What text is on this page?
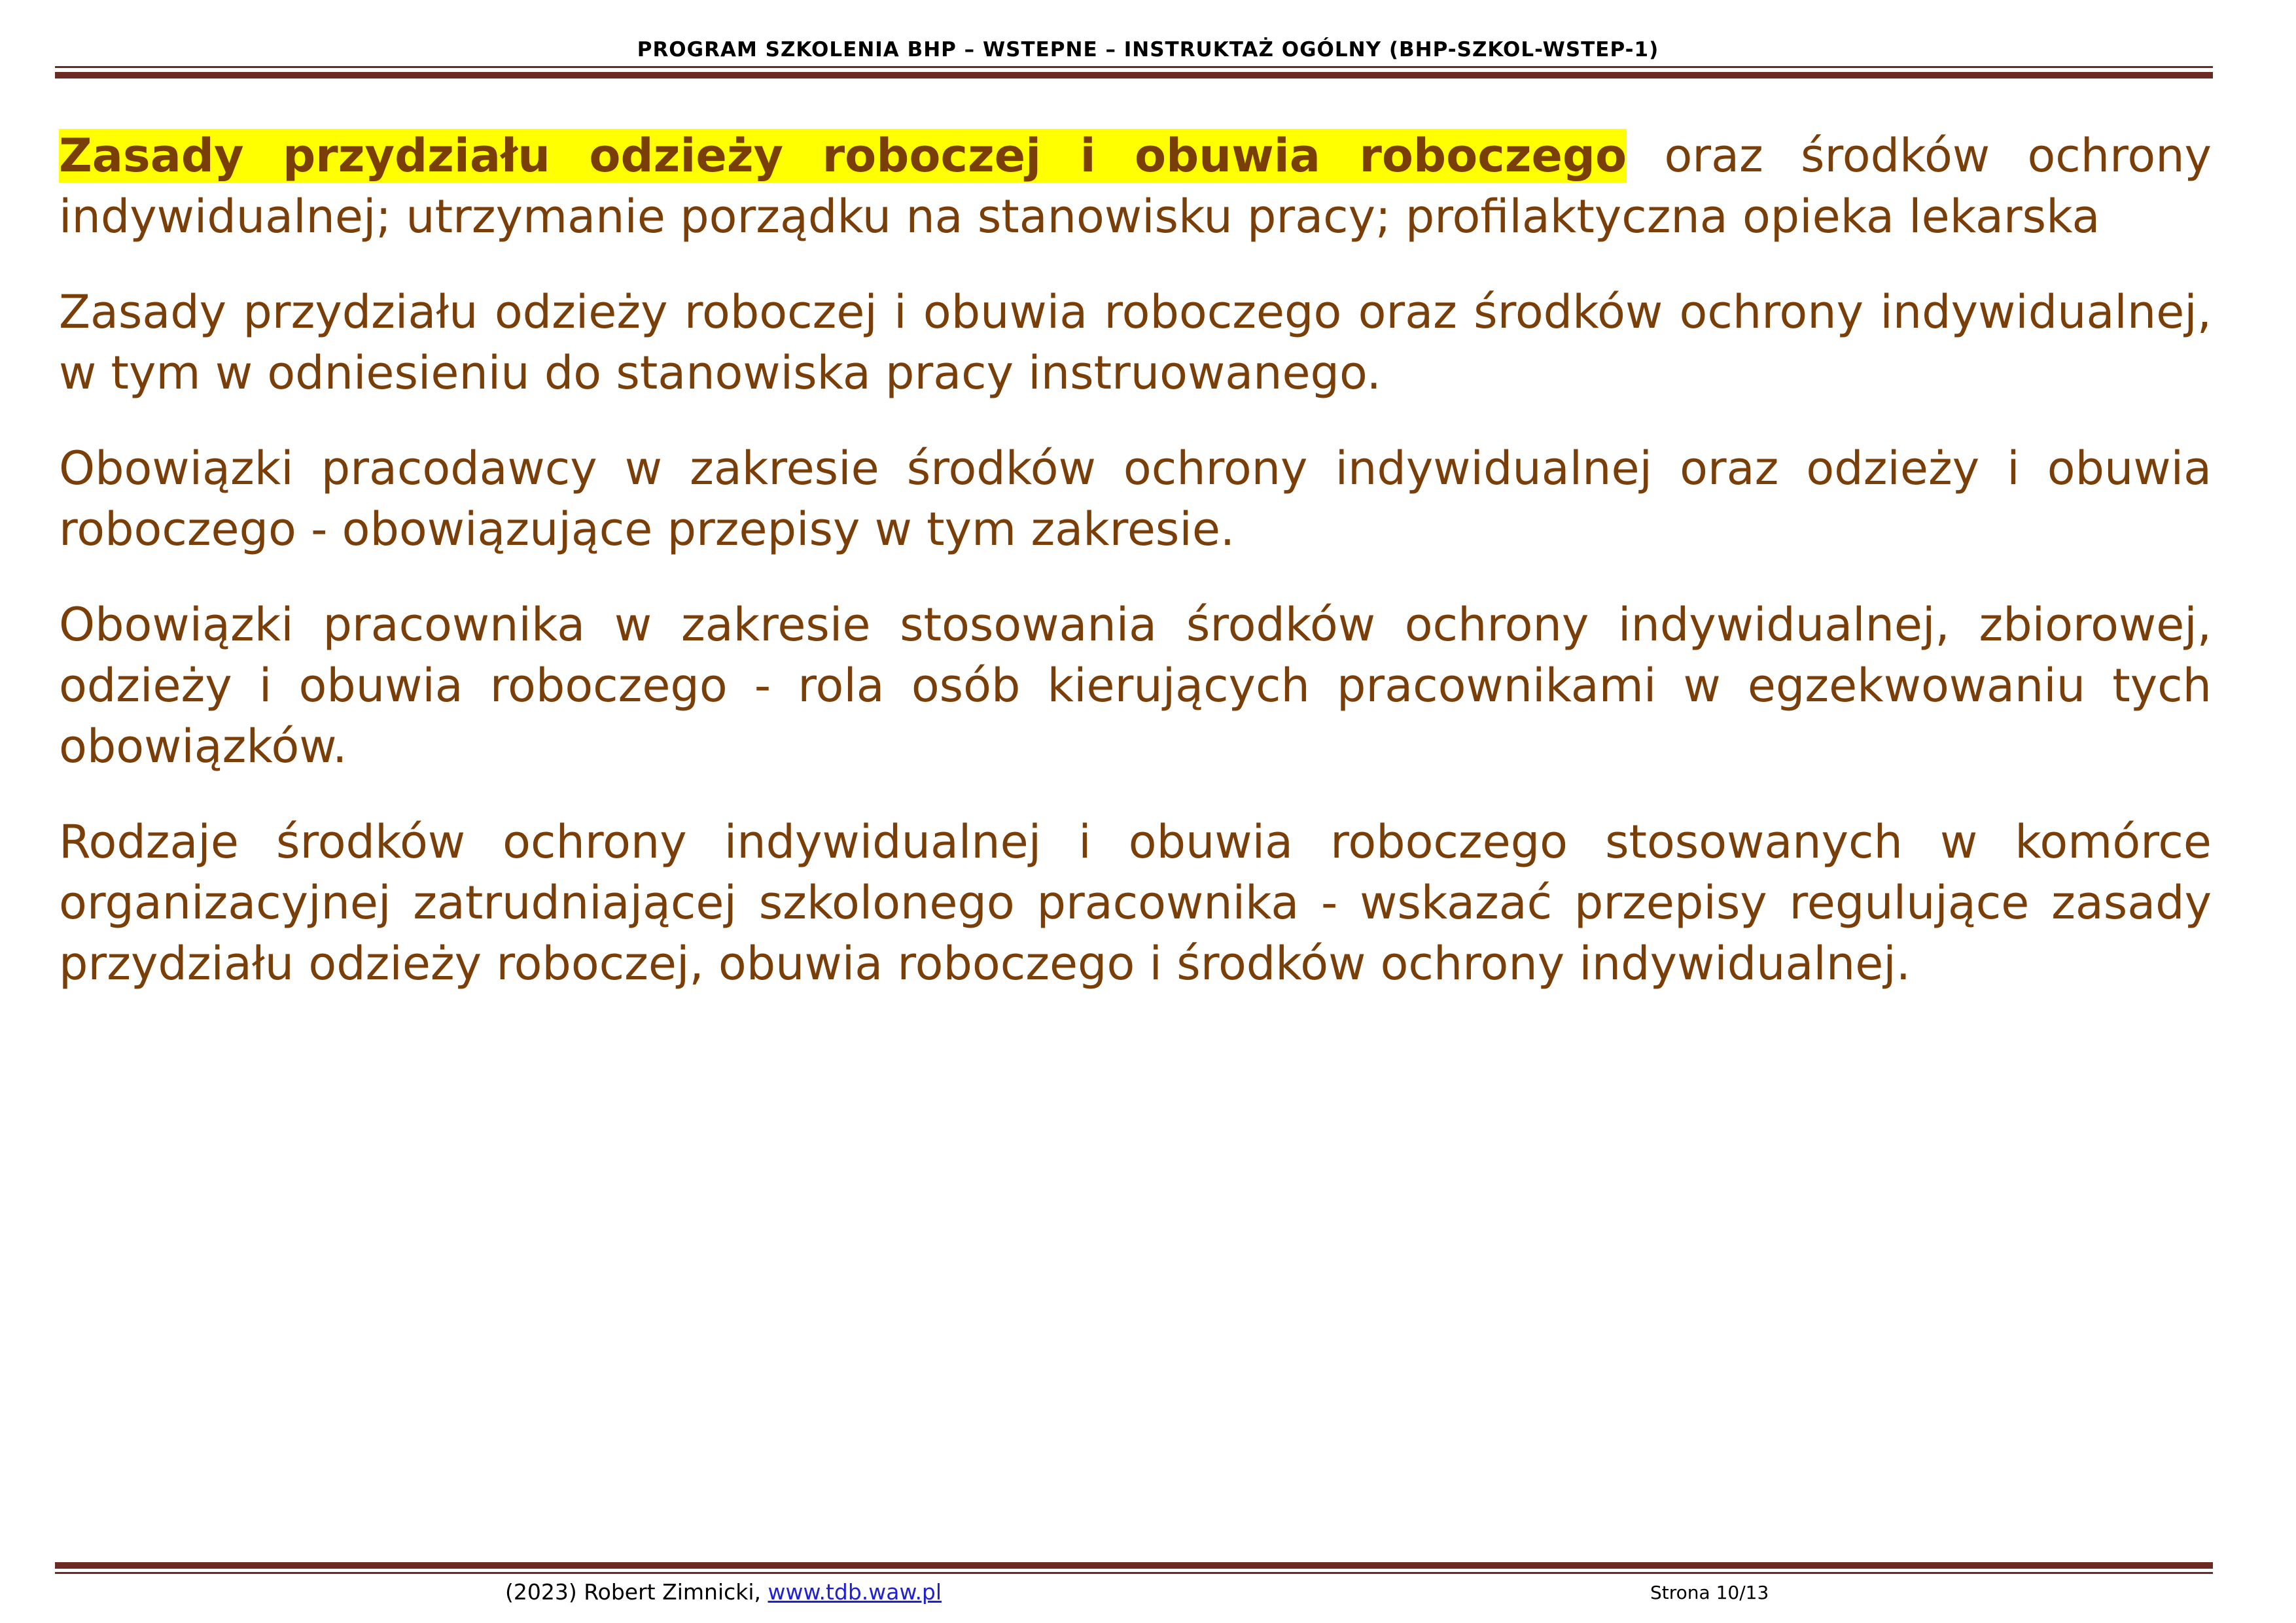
PROGRAM SZKOLENIA BHP – WSTEPNE – INSTRUKTAŻ OGÓLNY (BHP-SZKOL-WSTEP-1)

Zasady przydziału odzieży roboczej i obuwia roboczego oraz środków ochrony indywidualnej; utrzymanie porządku na stanowisku pracy; profilaktyczna opieka lekarska

Zasady przydziału odzieży roboczej i obuwia roboczego oraz środków ochrony indywidualnej, w tym w odniesieniu do stanowiska pracy instruowanego.

Obowiązki pracodawcy w zakresie środków ochrony indywidualnej oraz odzieży i obuwia roboczego - obowiązujące przepisy w tym zakresie.

Obowiązki pracownika w zakresie stosowania środków ochrony indywidualnej, zbiorowej, odzieży i obuwia roboczego - rola osób kierujących pracownikami w egzekwowaniu tych obowiązków.

Rodzaje środków ochrony indywidualnej i obuwia roboczego stosowanych w komórce organizacyjnej zatrudniającej szkolonego pracownika - wskazać przepisy regulujące zasady przydziału odzieży roboczej, obuwia roboczego i środków ochrony indywidualnej.

(2023) Robert Zimnicki, www.tdb.waw.pl	Strona 10/13
